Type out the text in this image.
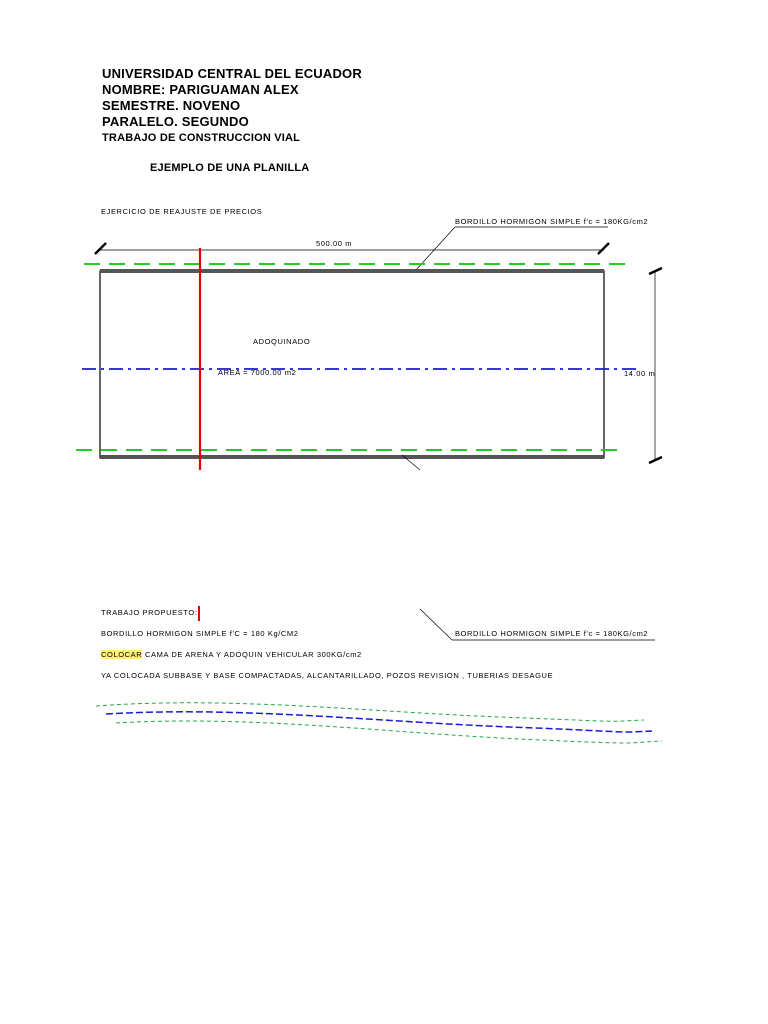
UNIVERSIDAD CENTRAL DEL ECUADOR
NOMBRE: PARIGUAMAN ALEX
SEMESTRE. NOVENO
PARALELO. SEGUNDO
TRABAJO DE CONSTRUCCION VIAL
EJEMPLO DE UNA PLANILLA
EJERCICIO DE REAJUSTE DE PRECIOS
BORDILLO HORMIGON SIMPLE f'c = 180KG/cm2
500.00 m
ADOQUINADO
AREA = 7000.00 m2	14.00 m
TRABAJO PROPUESTO:
BORDILLO HORMIGON SIMPLE f'C = 180 Kg/CM2	BORDILLO HORMIGON SIMPLE f'c = 180KG/cm2
COLOCAR CAMA DE ARENA Y ADOQUIN VEHICULAR 300KG/cm2
YA COLOCADA SUBBASE Y BASE COMPACTADAS, ALCANTARILLADO, POZOS REVISION , TUBERIAS DESAGUE
